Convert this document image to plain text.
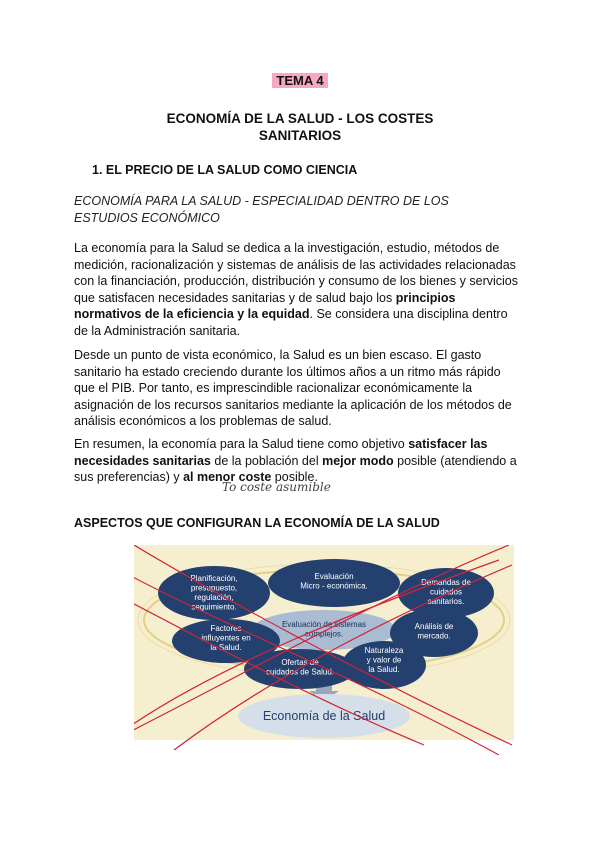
TEMA 4
ECONOMÍA DE LA SALUD - LOS COSTES
SANITARIOS
1. EL PRECIO DE LA SALUD COMO CIENCIA
ECONOMÍA PARA LA SALUD - ESPECIALIDAD DENTRO DE LOS
ESTUDIOS ECONÓMICO
La economía para la Salud se dedica a la investigación, estudio, métodos de medición, racionalización y sistemas de análisis de las actividades relacionadas con la financiación, producción, distribución y consumo de los bienes y servicios que satisfacen necesidades sanitarias y de salud bajo los principios normativos de la eficiencia y la equidad. Se considera una disciplina dentro de la Administración sanitaria.
Desde un punto de vista económico, la Salud es un bien escaso. El gasto sanitario ha estado creciendo durante los últimos años a un ritmo más rápido que el PIB. Por tanto, es imprescindible racionalizar económicamente la asignación de los recursos sanitarios mediante la aplicación de los métodos de análisis económicos a los problemas de salud.
En resumen, la economía para la Salud tiene como objetivo satisfacer las necesidades sanitarias de la población del mejor modo posible (atendiendo a sus preferencias) y al menor coste posible.
To coste asumible
ASPECTOS QUE CONFIGURAN LA ECONOMÍA DE LA SALUD
Economía de la Salud
Planificación,
presupuesto,
regulación,
seguimiento.
Evaluación
Micro - económica.	Demandas de
cuidados
sanitarios.
Factores
influyentes en
la Salud.
Evaluación de sistemas
complejos.
Análisis de
mercado.
Ofertas de
cuidados de Salud.
Naturaleza
y valor de
la Salud.
